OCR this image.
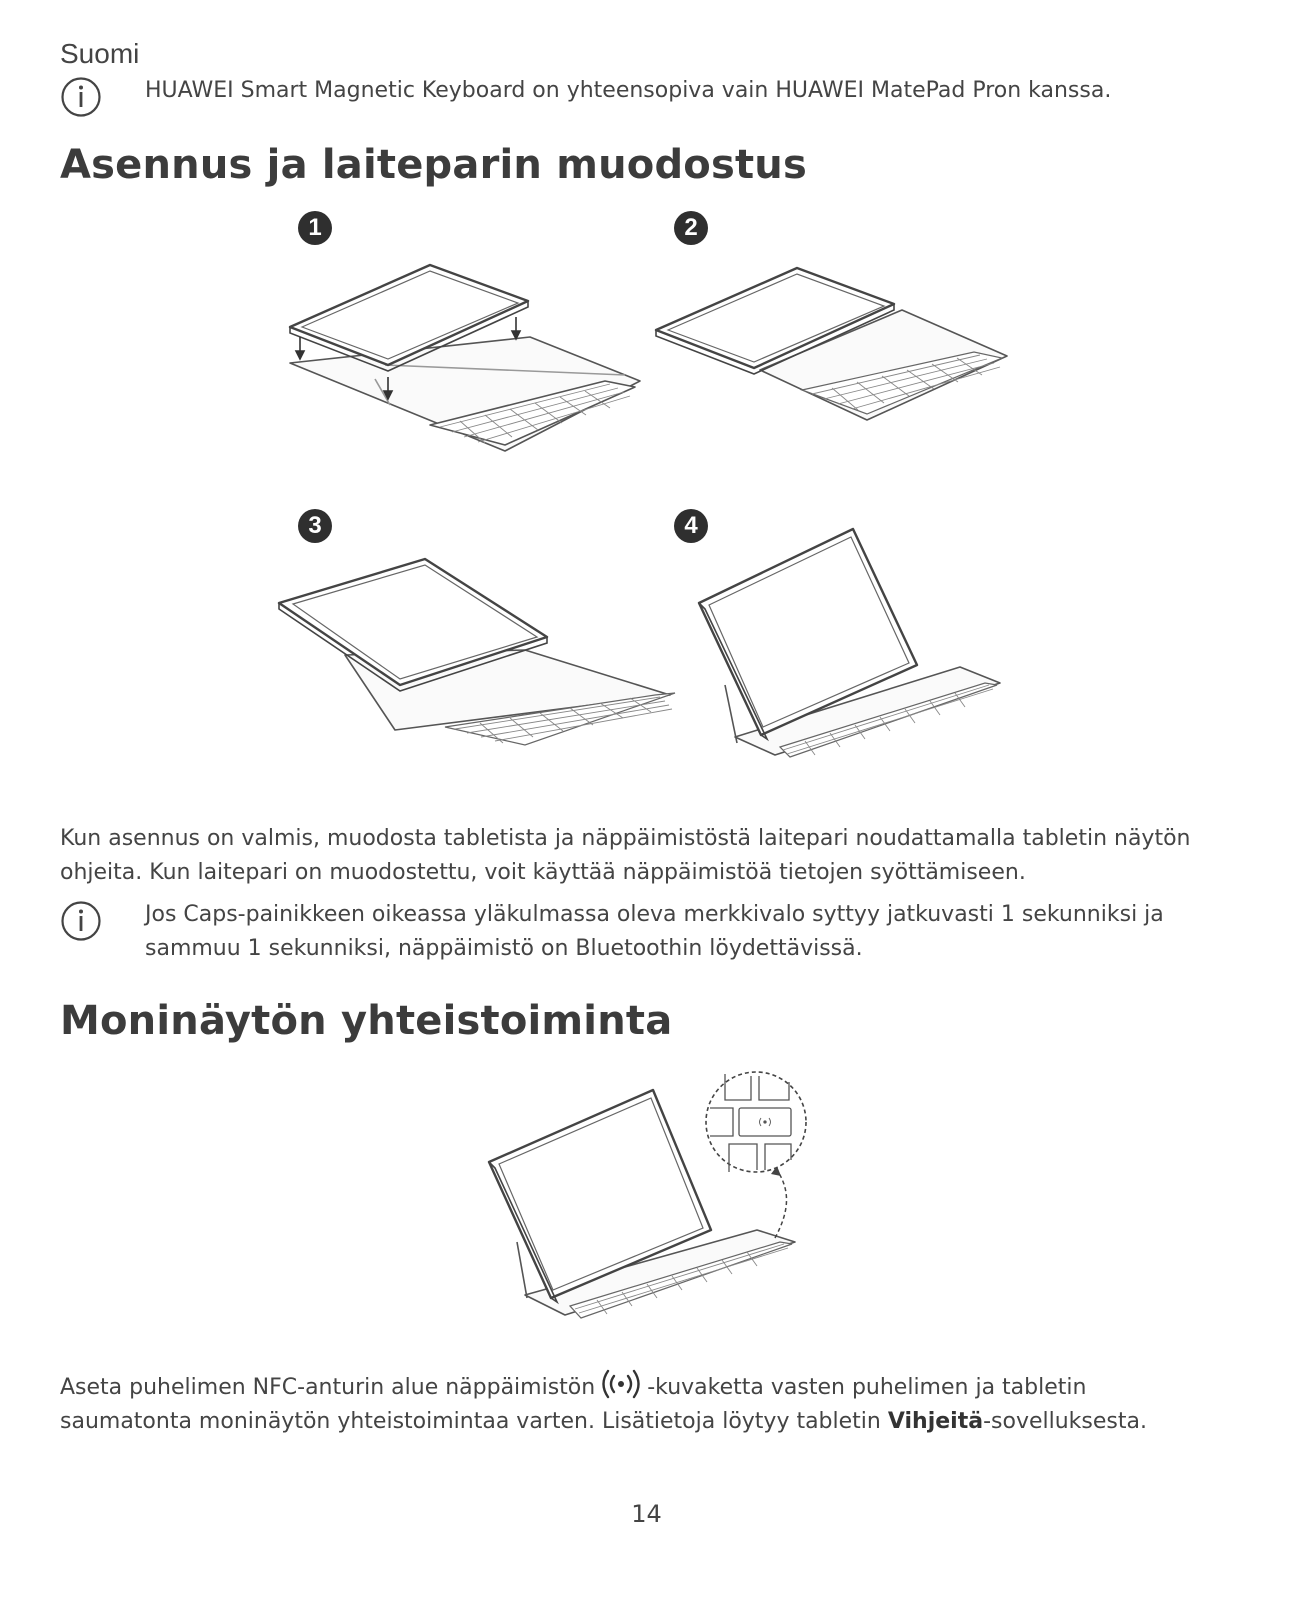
Suomi
HUAWEI Smart Magnetic Keyboard on yhteensopiva vain HUAWEI MatePad Pron kanssa.
Asennus ja laiteparin muodostus
1	2
3	4
Kun asennus on valmis, muodosta tabletista ja näppäimistöstä laitepari noudattamalla tabletin näytön ohjeita. Kun laitepari on muodostettu, voit käyttää näppäimistöä tietojen syöttämiseen.
Jos Caps-painikkeen oikeassa yläkulmassa oleva merkkivalo syttyy jatkuvasti 1 sekunniksi ja
sammuu 1 sekunniksi, näppäimistö on Bluetoothin löydettävissä.
Moninäytön yhteistoiminta
Aseta puhelimen NFC-anturin alue näppäimistön -kuvaketta vasten puhelimen ja tabletin
saumatonta moninäytön yhteistoimintaa varten. Lisätietoja löytyy tabletin Vihjeitä-sovelluksesta.
14
